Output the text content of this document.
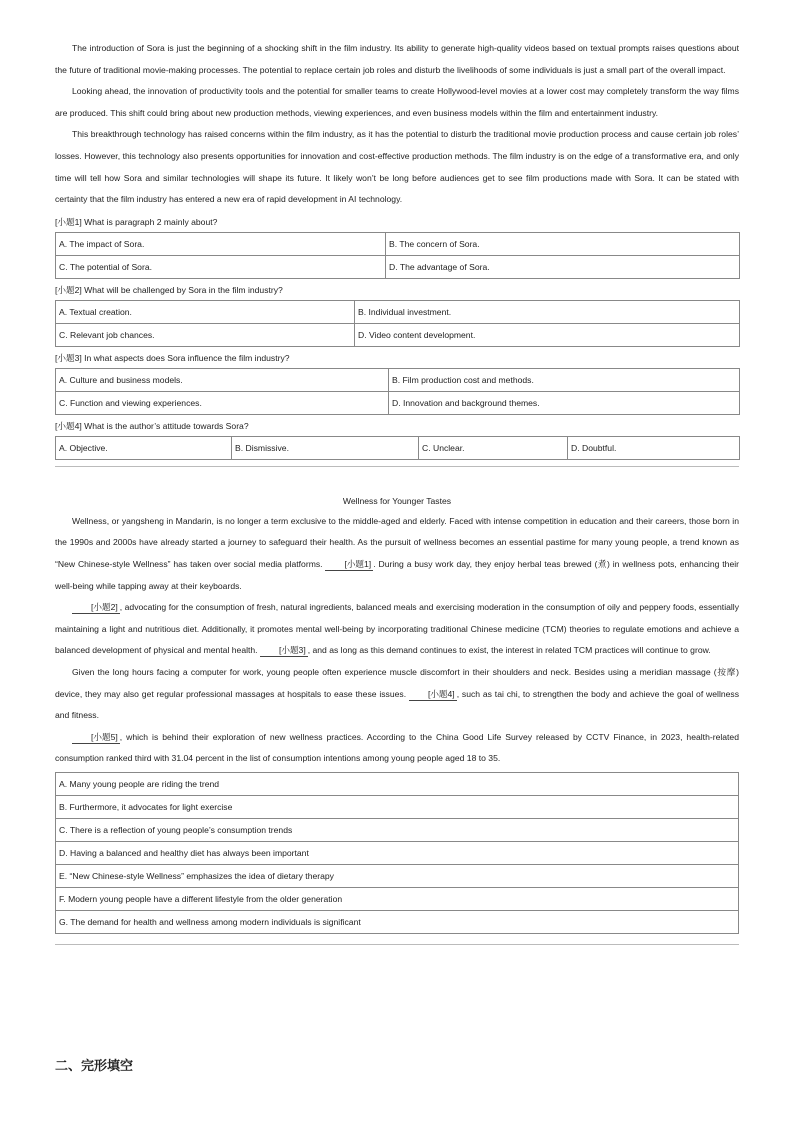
The introduction of Sora is just the beginning of a shocking shift in the film industry. Its ability to generate high-quality videos based on textual prompts raises questions about the future of traditional movie-making processes. The potential to replace certain job roles and disturb the livelihoods of some individuals is just a small part of the overall impact.

Looking ahead, the innovation of productivity tools and the potential for smaller teams to create Hollywood-level movies at a lower cost may completely transform the way films are produced. This shift could bring about new production methods, viewing experiences, and even business models within the film and entertainment industry.

This breakthrough technology has raised concerns within the film industry, as it has the potential to disturb the traditional movie production process and cause certain job roles’ losses. However, this technology also presents opportunities for innovation and cost-effective production methods. The film industry is on the edge of a transformative era, and only time will tell how Sora and similar technologies will shape its future. It likely won’t be long before audiences get to see film productions made with Sora. It can be stated with certainty that the film industry has entered a new era of rapid development in AI technology.

[小题1] What is paragraph 2 mainly about?
A. The impact of Sora.	B. The concern of Sora.
C. The potential of Sora.	D. The advantage of Sora.
[小题2] What will be challenged by Sora in the film industry?
A. Textual creation.	B. Individual investment.
C. Relevant job chances.	D. Video content development.
[小题3] In what aspects does Sora influence the film industry?
A. Culture and business models.	B. Film production cost and methods.
C. Function and viewing experiences.	D. Innovation and background themes.
[小题4] What is the author’s attitude towards Sora?
A. Objective.	B. Dismissive.	C. Unclear.	D. Doubtful.
Wellness for Younger Tastes

Wellness, or yangsheng in Mandarin, is no longer a term exclusive to the middle-aged and elderly. Faced with intense competition in education and their careers, those born in the 1990s and 2000s have already started a journey to safeguard their health. As the pursuit of wellness becomes an essential pastime for many young people, a trend known as “New Chinese-style Wellness” has taken over social media platforms.	[小题1] . During a busy work day, they enjoy herbal teas brewed (煮) in wellness pots, enhancing their well-being while tapping away at their keyboards.

[小题2] , advocating for the consumption of fresh, natural ingredients, balanced meals and exercising moderation in the consumption of oily and peppery foods, essentially maintaining a light and nutritious diet. Additionally, it promotes mental well-being by incorporating traditional Chinese medicine (TCM) theories to regulate emotions and achieve a balanced development of physical and mental health. [小题3] , and as long as this demand continues to exist, the interest in related TCM practices will continue to grow.

Given the long hours facing a computer for work, young people often experience muscle discomfort in their shoulders and neck. Besides using a meridian massage (按摩) device, they may also get regular professional massages at hospitals to ease these issues.	[小题4] , such as tai chi, to strengthen the body and achieve the goal of wellness and fitness.

[小题5] , which is behind their exploration of new wellness practices. According to the China Good Life Survey released by CCTV Finance, in 2023, health-related consumption ranked third with 31.04 percent in the list of consumption intentions among young people aged 18 to 35.

A. Many young people are riding the trend
B. Furthermore, it advocates for light exercise
C. There is a reflection of young people’s consumption trends
D. Having a balanced and healthy diet has always been important
E. “New Chinese-style Wellness” emphasizes the idea of dietary therapy
F. Modern young people have a different lifestyle from the older generation
G. The demand for health and wellness among modern individuals is significant
二、完形填空
